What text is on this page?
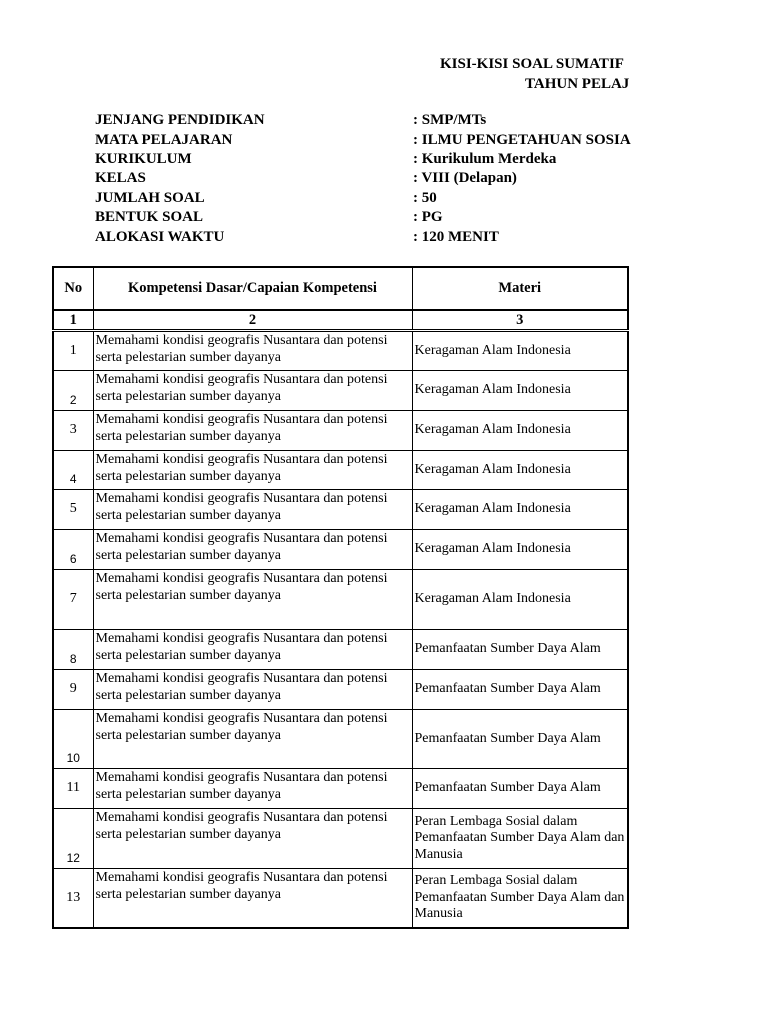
KISI-KISI SOAL SUMATIF
TAHUN PELAJ
JENJANG PENDIDIKAN	: SMP/MTs
MATA PELAJARAN	: ILMU PENGETAHUAN SOSIA
KURIKULUM	: Kurikulum Merdeka
KELAS	: VIII (Delapan)
JUMLAH SOAL	: 50
BENTUK SOAL	: PG
ALOKASI WAKTU	: 120 MENIT
No	Kompetensi Dasar/Capaian Kompetensi	Materi
1	2	3
1	Memahami kondisi geografis Nusantara dan potensi serta pelestarian sumber dayanya	Keragaman Alam Indonesia
2	Memahami kondisi geografis Nusantara dan potensi serta pelestarian sumber dayanya	Keragaman Alam Indonesia
3	Memahami kondisi geografis Nusantara dan potensi serta pelestarian sumber dayanya	Keragaman Alam Indonesia
4	Memahami kondisi geografis Nusantara dan potensi serta pelestarian sumber dayanya	Keragaman Alam Indonesia
5	Memahami kondisi geografis Nusantara dan potensi serta pelestarian sumber dayanya	Keragaman Alam Indonesia
6	Memahami kondisi geografis Nusantara dan potensi serta pelestarian sumber dayanya	Keragaman Alam Indonesia
7	Memahami kondisi geografis Nusantara dan potensi serta pelestarian sumber dayanya	Keragaman Alam Indonesia
8	Memahami kondisi geografis Nusantara dan potensi serta pelestarian sumber dayanya	Pemanfaatan Sumber Daya Alam
9	Memahami kondisi geografis Nusantara dan potensi serta pelestarian sumber dayanya	Pemanfaatan Sumber Daya Alam
10	Memahami kondisi geografis Nusantara dan potensi serta pelestarian sumber dayanya	Pemanfaatan Sumber Daya Alam
11	Memahami kondisi geografis Nusantara dan potensi serta pelestarian sumber dayanya	Pemanfaatan Sumber Daya Alam
12	Memahami kondisi geografis Nusantara dan potensi serta pelestarian sumber dayanya	Peran Lembaga Sosial dalam Pemanfaatan Sumber Daya Alam dan Manusia
13	Memahami kondisi geografis Nusantara dan potensi serta pelestarian sumber dayanya	Peran Lembaga Sosial dalam Pemanfaatan Sumber Daya Alam dan Manusia
